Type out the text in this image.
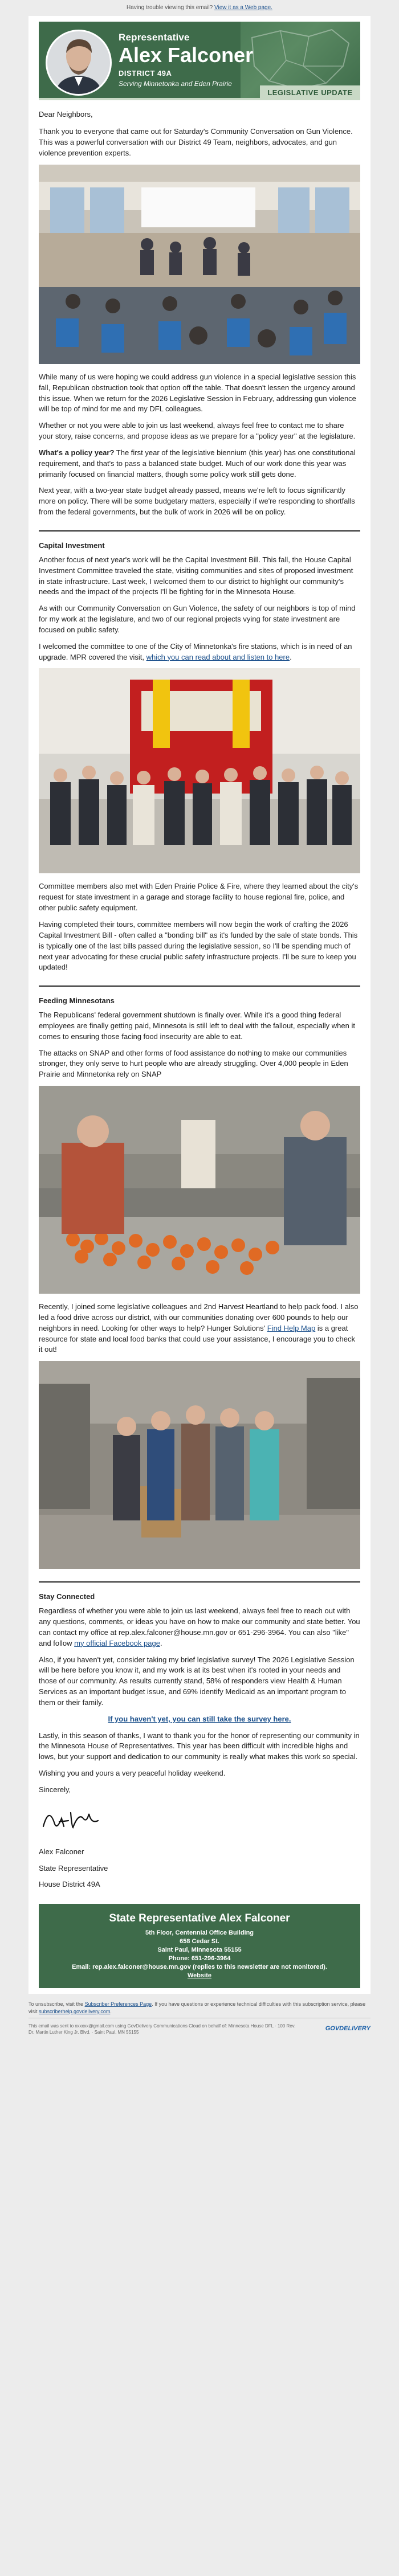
Having trouble viewing this email? View it as a Web page.
Representative
Alex Falconer
DISTRICT 49A
Serving Minnetonka and Eden Prairie
LEGISLATIVE UPDATE

Dear Neighbors,

Thank you to everyone that came out for Saturday's Community Conversation on Gun Violence. This was a powerful conversation with our District 49 Team, neighbors, advocates, and gun violence prevention experts.

While many of us were hoping we could address gun violence in a special legislative session this fall, Republican obstruction took that option off the table. That doesn't lessen the urgency around this issue. When we return for the 2026 Legislative Session in February, addressing gun violence will be top of mind for me and my DFL colleagues.

Whether or not you were able to join us last weekend, always feel free to contact me to share your story, raise concerns, and propose ideas as we prepare for a "policy year" at the legislature.

What's a policy year? The first year of the legislative biennium (this year) has one constitutional requirement, and that's to pass a balanced state budget. Much of our work done this year was primarily focused on financial matters, though some policy work still gets done.

Next year, with a two-year state budget already passed, means we're left to focus significantly more on policy. There will be some budgetary matters, especially if we're responding to shortfalls from the federal governments, but the bulk of work in 2026 will be on policy.

Capital Investment

Another focus of next year's work will be the Capital Investment Bill. This fall, the House Capital Investment Committee traveled the state, visiting communities and sites of proposed investment in state infrastructure. Last week, I welcomed them to our district to highlight our community's needs and the impact of the projects I'll be fighting for in the Minnesota House.

As with our Community Conversation on Gun Violence, the safety of our neighbors is top of mind for my work at the legislature, and two of our regional projects vying for state investment are focused on public safety.

I welcomed the committee to one of the City of Minnetonka's fire stations, which is in need of an upgrade. MPR covered the visit, which you can read about and listen to here.

Committee members also met with Eden Prairie Police & Fire, where they learned about the city's request for state investment in a garage and storage facility to house regional fire, police, and other public safety equipment.

Having completed their tours, committee members will now begin the work of crafting the 2026 Capital Investment Bill - often called a "bonding bill" as it's funded by the sale of state bonds. This is typically one of the last bills passed during the legislative session, so I'll be spending much of next year advocating for these crucial public safety infrastructure projects. I'll be sure to keep you updated!

Feeding Minnesotans

The Republicans' federal government shutdown is finally over. While it's a good thing federal employees are finally getting paid, Minnesota is still left to deal with the fallout, especially when it comes to ensuring those facing food insecurity are able to eat.

The attacks on SNAP and other forms of food assistance do nothing to make our communities stronger, they only serve to hurt people who are already struggling. Over 4,000 people in Eden Prairie and Minnetonka rely on SNAP

Recently, I joined some legislative colleagues and 2nd Harvest Heartland to help pack food. I also led a food drive across our district, with our communities donating over 600 pounds to help our neighbors in need. Looking for other ways to help? Hunger Solutions' Find Help Map is a great resource for state and local food banks that could use your assistance, I encourage you to check it out!

Stay Connected

Regardless of whether you were able to join us last weekend, always feel free to reach out with any questions, comments, or ideas you have on how to make our community and state better. You can contact my office at rep.alex.falconer@house.mn.gov or 651-296-3964. You can also "like" and follow my official Facebook page.

Also, if you haven't yet, consider taking my brief legislative survey! The 2026 Legislative Session will be here before you know it, and my work is at its best when it's rooted in your needs and those of our community. As results currently stand, 58% of responders view Health & Human Services as an important budget issue, and 69% identify Medicaid as an important program to them or their family.

If you haven't yet, you can still take the survey here.

Lastly, in this season of thanks, I want to thank you for the honor of representing our community in the Minnesota House of Representatives. This year has been difficult with incredible highs and lows, but your support and dedication to our community is really what makes this work so special.

Wishing you and yours a very peaceful holiday weekend.

Sincerely,

Alex Falconer

State Representative

House District 49A

State Representative Alex Falconer
5th Floor, Centennial Office Building
658 Cedar St.
Saint Paul, Minnesota 55155
Phone: 651-296-3964
Email: rep.alex.falconer@house.mn.gov (replies to this newsletter are not monitored).
Website
To unsubscribe, visit the Subscriber Preferences Page. If you have questions or experience technical difficulties with this subscription service, please visit subscriberhelp.govdelivery.com.
This email was sent to xxxxxx@gmail.com using GovDelivery Communications Cloud on behalf of: Minnesota House DFL · 100 Rev. Dr. Martin Luther King Jr. Blvd. · Saint Paul, MN 55155
GOVDELIVERY
